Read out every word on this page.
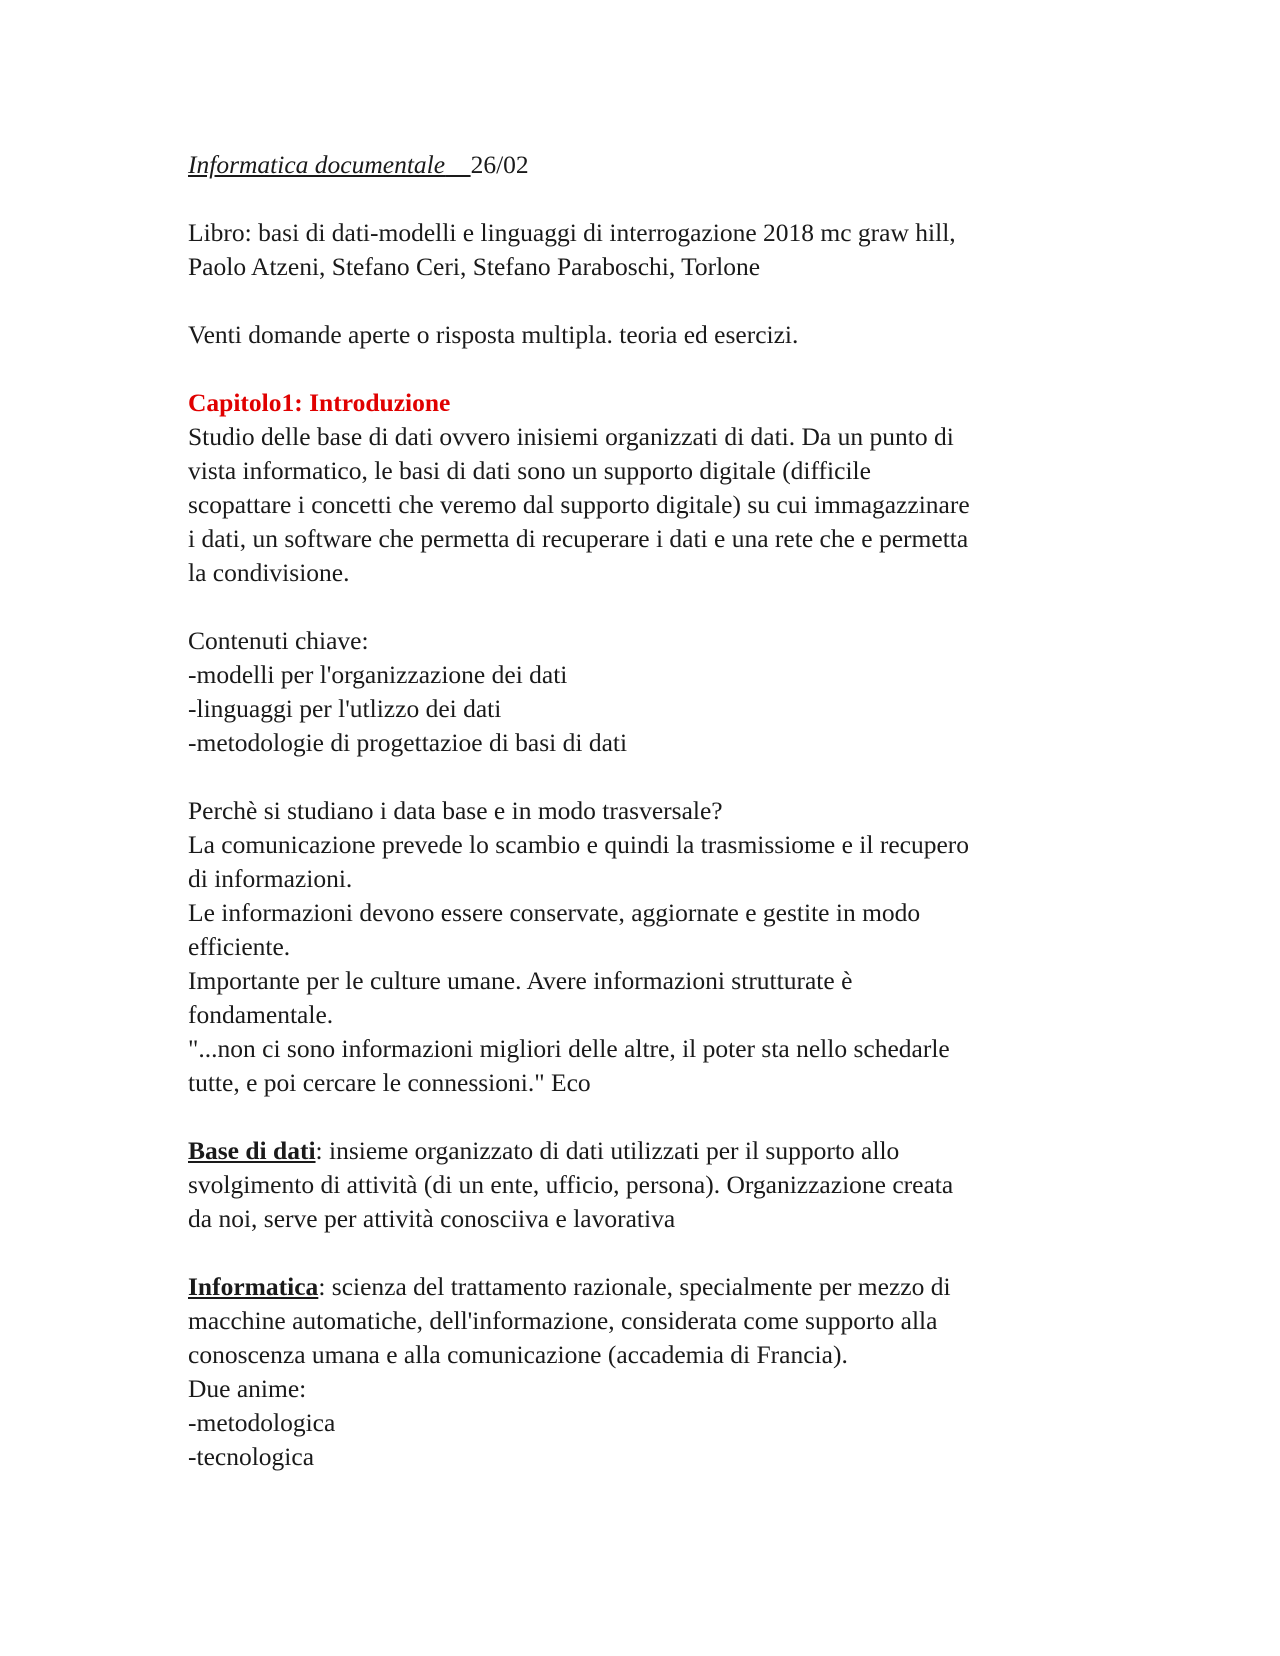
Informatica documentale 26/02

Libro: basi di dati-modelli e linguaggi di interrogazione 2018 mc graw hill,

Paolo Atzeni, Stefano Ceri, Stefano Paraboschi, Torlone

Venti domande aperte o risposta multipla. teoria ed esercizi.

Capitolo1: Introduzione

Studio delle base di dati ovvero inisiemi organizzati di dati. Da un punto di

vista informatico, le basi di dati sono un supporto digitale (difficile

scopattare i concetti che veremo dal supporto digitale) su cui immagazzinare

i dati, un software che permetta di recuperare i dati e una rete che e permetta

la condivisione.

Contenuti chiave:

-modelli per l'organizzazione dei dati

-linguaggi per l'utlizzo dei dati

-metodologie di progettazioe di basi di dati

Perchè si studiano i data base e in modo trasversale?

La comunicazione prevede lo scambio e quindi la trasmissiome e il recupero

di informazioni.

Le informazioni devono essere conservate, aggiornate e gestite in modo

efficiente.

Importante per le culture umane. Avere informazioni strutturate è

fondamentale.

"...non ci sono informazioni migliori delle altre, il poter sta nello schedarle

tutte, e poi cercare le connessioni." Eco

Base di dati: insieme organizzato di dati utilizzati per il supporto allo

svolgimento di attività (di un ente, ufficio, persona). Organizzazione creata

da noi, serve per attività conosciiva e lavorativa

Informatica: scienza del trattamento razionale, specialmente per mezzo di

macchine automatiche, dell'informazione, considerata come supporto alla

conoscenza umana e alla comunicazione (accademia di Francia).

Due anime:

-metodologica

-tecnologica
